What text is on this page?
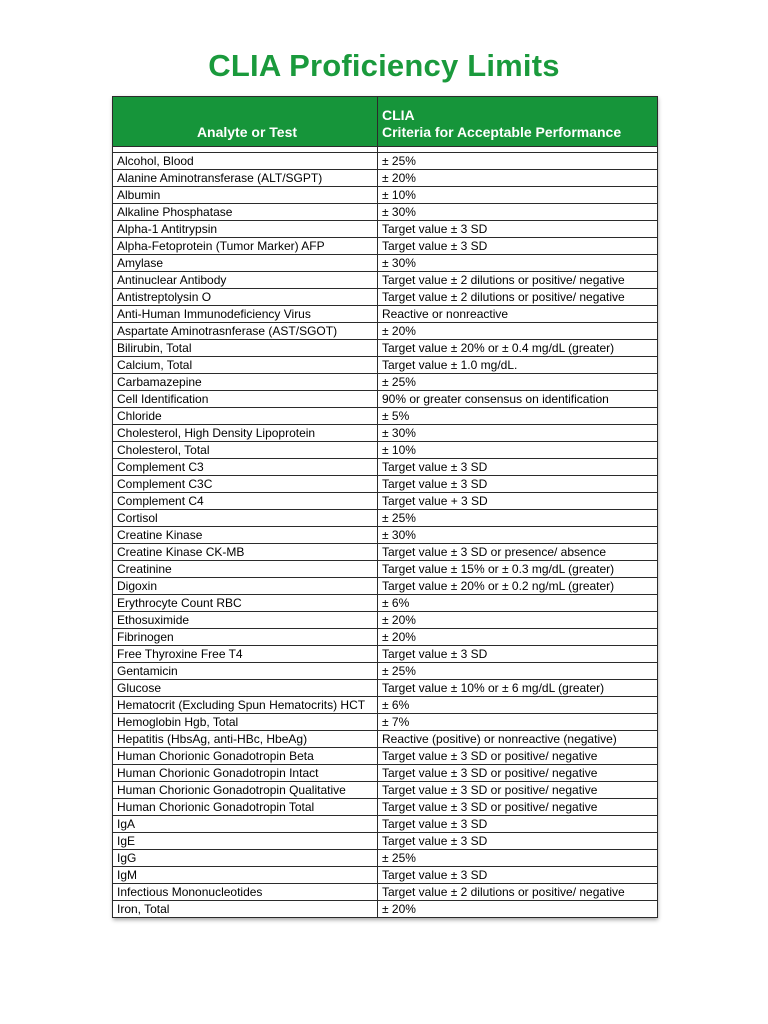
CLIA Proficiency Limits
Analyte or Test	CLIA
Criteria for Acceptable Performance

Alcohol, Blood	± 25%
Alanine Aminotransferase (ALT/SGPT)	± 20%
Albumin	± 10%
Alkaline Phosphatase	± 30%
Alpha-1 Antitrypsin	Target value ± 3 SD
Alpha-Fetoprotein (Tumor Marker) AFP	Target value ± 3 SD
Amylase	± 30%
Antinuclear Antibody	Target value ± 2 dilutions or positive/ negative
Antistreptolysin O	Target value ± 2 dilutions or positive/ negative
Anti-Human Immunodeficiency Virus	Reactive or nonreactive
Aspartate Aminotrasnferase (AST/SGOT)	± 20%
Bilirubin, Total	Target value ± 20% or ± 0.4 mg/dL (greater)
Calcium, Total	Target value ± 1.0 mg/dL.
Carbamazepine	± 25%
Cell Identification	90% or greater consensus on identification
Chloride	± 5%
Cholesterol, High Density Lipoprotein	± 30%
Cholesterol, Total	± 10%
Complement C3	Target value ± 3 SD
Complement C3C	Target value ± 3 SD
Complement C4	Target value + 3 SD
Cortisol	± 25%
Creatine Kinase	± 30%
Creatine Kinase CK-MB	Target value ± 3 SD or presence/ absence
Creatinine	Target value ± 15% or ± 0.3 mg/dL (greater)
Digoxin	Target value ± 20% or ± 0.2 ng/mL (greater)
Erythrocyte Count RBC	± 6%
Ethosuximide	± 20%
Fibrinogen	± 20%
Free Thyroxine Free T4	Target value ± 3 SD
Gentamicin	± 25%
Glucose	Target value ± 10% or ± 6 mg/dL (greater)
Hematocrit (Excluding Spun Hematocrits) HCT	± 6%
Hemoglobin Hgb, Total	± 7%
Hepatitis (HbsAg, anti-HBc, HbeAg)	Reactive (positive) or nonreactive (negative)
Human Chorionic Gonadotropin Beta	Target value ± 3 SD or positive/ negative
Human Chorionic Gonadotropin Intact	Target value ± 3 SD or positive/ negative
Human Chorionic Gonadotropin Qualitative	Target value ± 3 SD or positive/ negative
Human Chorionic Gonadotropin Total	Target value ± 3 SD or positive/ negative
IgA	Target value ± 3 SD
IgE	Target value ± 3 SD
IgG	± 25%
IgM	Target value ± 3 SD
Infectious Mononucleotides	Target value ± 2 dilutions or positive/ negative
Iron, Total	± 20%
